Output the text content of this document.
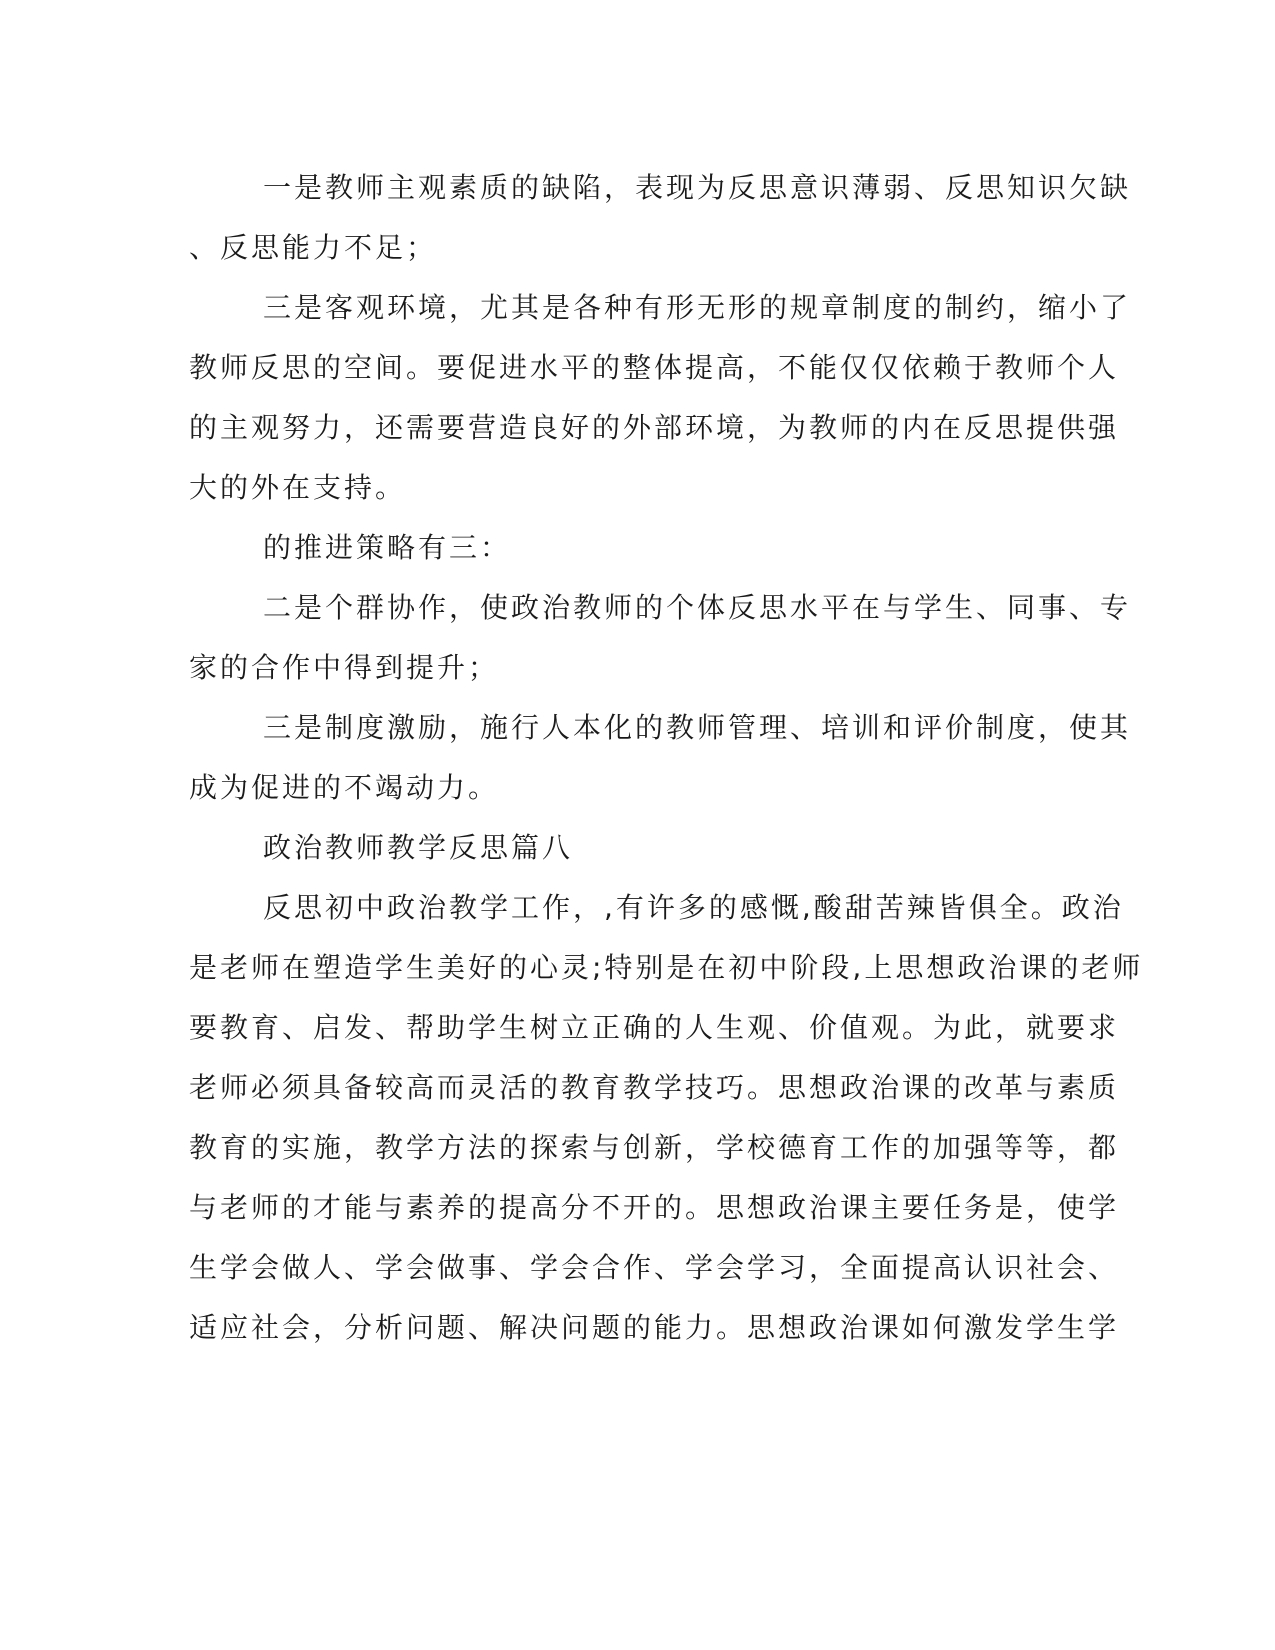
一是教师主观素质的缺陷，表现为反思意识薄弱、反思知识欠缺
、反思能力不足；
三是客观环境，尤其是各种有形无形的规章制度的制约，缩小了
教师反思的空间。要促进水平的整体提高，不能仅仅依赖于教师个人
的主观努力，还需要营造良好的外部环境，为教师的内在反思提供强
大的外在支持。
的推进策略有三：
二是个群协作，使政治教师的个体反思水平在与学生、同事、专
家的合作中得到提升；
三是制度激励，施行人本化的教师管理、培训和评价制度，使其
成为促进的不竭动力。
政治教师教学反思篇八
反思初中政治教学工作，,有许多的感慨,酸甜苦辣皆俱全。政治
是老师在塑造学生美好的心灵;特别是在初中阶段,上思想政治课的老师
要教育、启发、帮助学生树立正确的人生观、价值观。为此，就要求
老师必须具备较高而灵活的教育教学技巧。思想政治课的改革与素质
教育的实施，教学方法的探索与创新，学校德育工作的加强等等，都
与老师的才能与素养的提高分不开的。思想政治课主要任务是，使学
生学会做人、学会做事、学会合作、学会学习，全面提高认识社会、
适应社会，分析问题、解决问题的能力。思想政治课如何激发学生学
